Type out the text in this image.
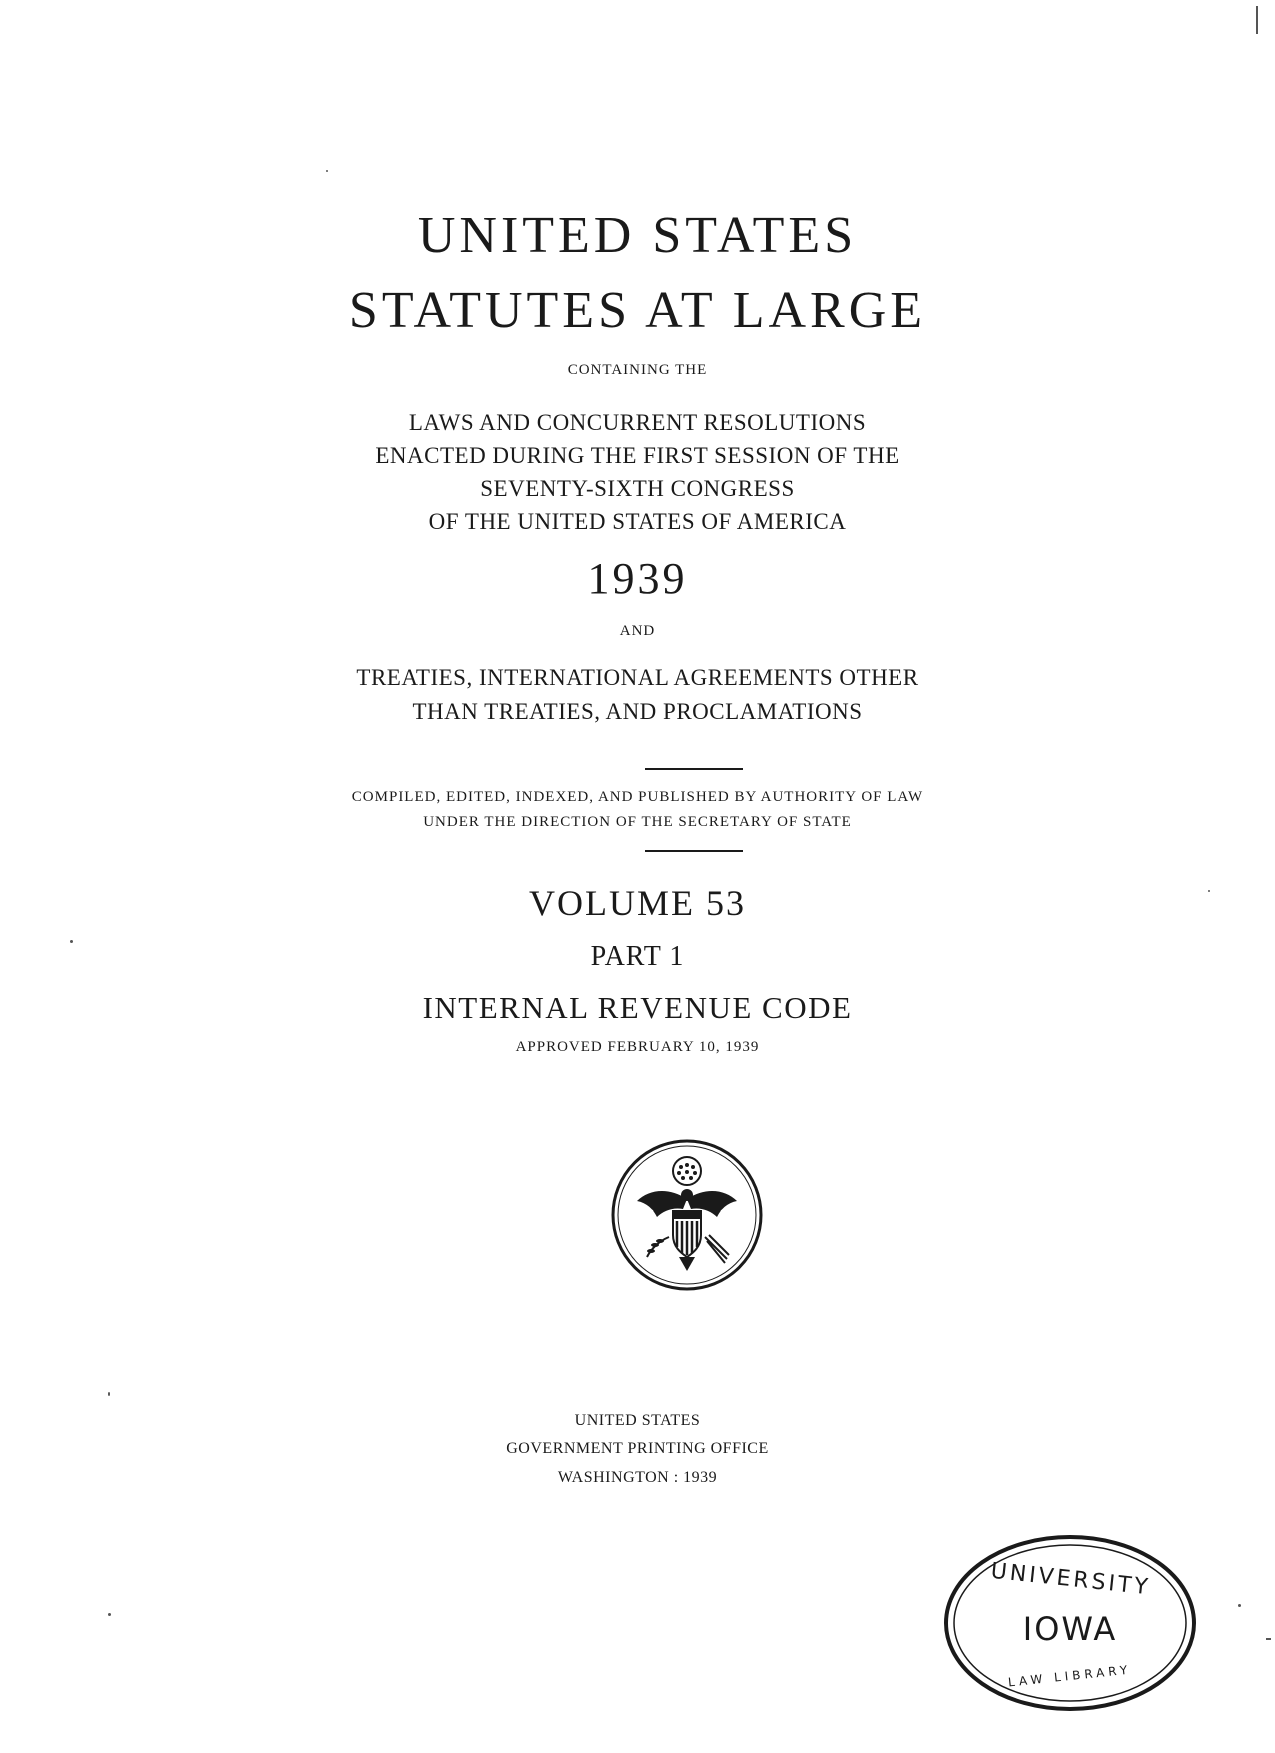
UNITED STATES
STATUTES AT LARGE
CONTAINING THE
LAWS AND CONCURRENT RESOLUTIONS
ENACTED DURING THE FIRST SESSION OF THE
SEVENTY-SIXTH CONGRESS
OF THE UNITED STATES OF AMERICA
1939
AND
TREATIES, INTERNATIONAL AGREEMENTS OTHER
THAN TREATIES, AND PROCLAMATIONS
COMPILED, EDITED, INDEXED, AND PUBLISHED BY AUTHORITY OF LAW
UNDER THE DIRECTION OF THE SECRETARY OF STATE
VOLUME 53
PART 1
INTERNAL REVENUE CODE
APPROVED FEBRUARY 10, 1939
UNITED STATES
GOVERNMENT PRINTING OFFICE
WASHINGTON : 1939
UNIVERSITY
IOWA
LAW LIBRARY
